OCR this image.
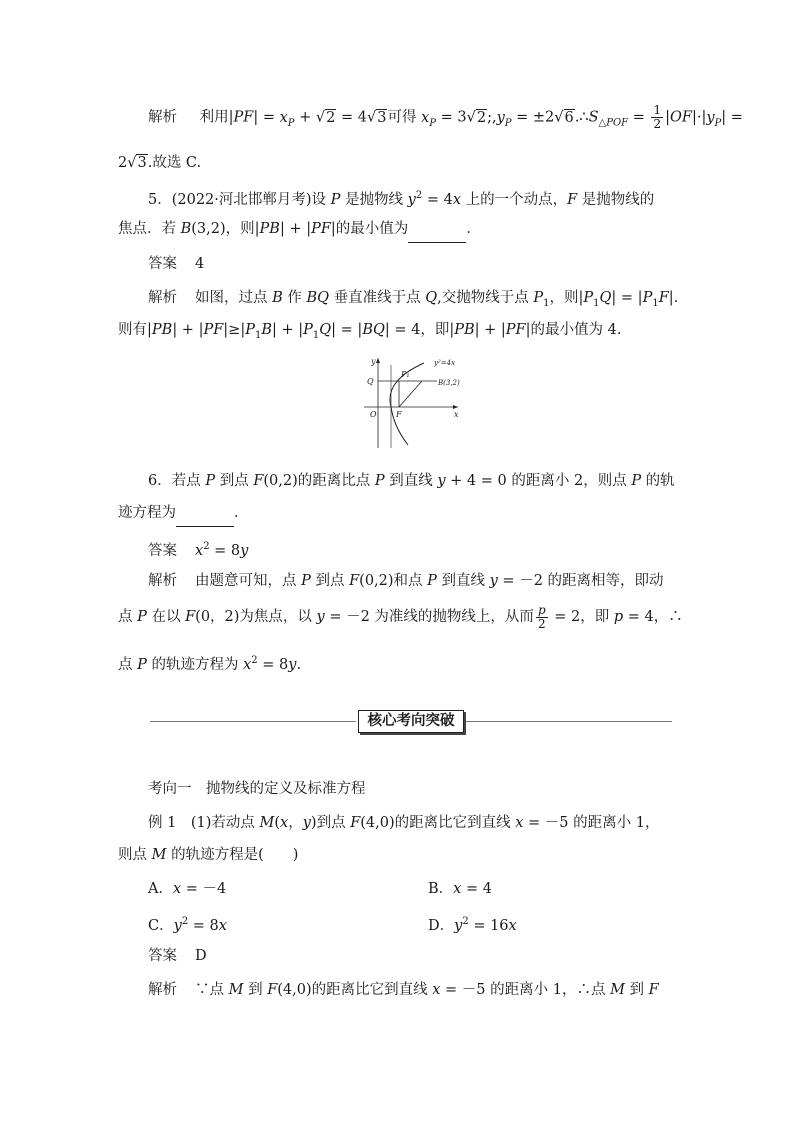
解析 利用$|PF| = x_P + √2 = 4√3$可得 $x_P$ = $3√2;,y_P$ = $\pm 2√6.\therefore S_{\triangle POF} = \frac{1}{2} |OF|\cdot|y_P|$ =
2√3.故选 C.
5．(2022·河北邯郸月考)设 P 是抛物线 $y^2 = 4x$ 上的一个动点，F 是抛物线的
焦点．若 B(3,2)，则|PB| + |PF|的最小值为	．
答案 4
解析 如图，过点 B 作 BQ 垂直准线于点 Q,交抛物线于点 $P_1$，则$|P_1Q| = |P_1F|$.
则有$|PB| + |PF|\ge|P_1B| + |P_1Q| = |BQ| = 4$，即|PB| + |PF|的最小值为 4.
y
x
O F
Q
P₁
B(3,2)
y²=4x
6．若点 P 到点 F(0,2)的距离比点 P 到直线 y + 4 = 0 的距离小 2，则点 P 的轨
迹方程为	．
答案 $x^2 = 8y$
解析 由题意可知，点 P 到点 F(0,2)和点 P 到直线 y = －2 的距离相等，即动
点 P 在以 F(0，2)为焦点，以 y = －2 为准线的抛物线上，从而 $\frac{p}{2} = 2$，即 p = 4，∴
点 P 的轨迹方程为 $x^2 = 8y$.
核心考向突破
考向一　抛物线的定义及标准方程
例 1　(1)若动点 M(x，y)到点 F(4,0)的距离比它到直线 x = －5 的距离小 1，
则点 M 的轨迹方程是(　　)
A．x = －4	B．x = 4
C．$y^2 = 8x$	D．$y^2 = 16x$
答案 D
解析 ∵点 M 到 F(4,0)的距离比它到直线 x = －5 的距离小 1，∴点 M 到 F
